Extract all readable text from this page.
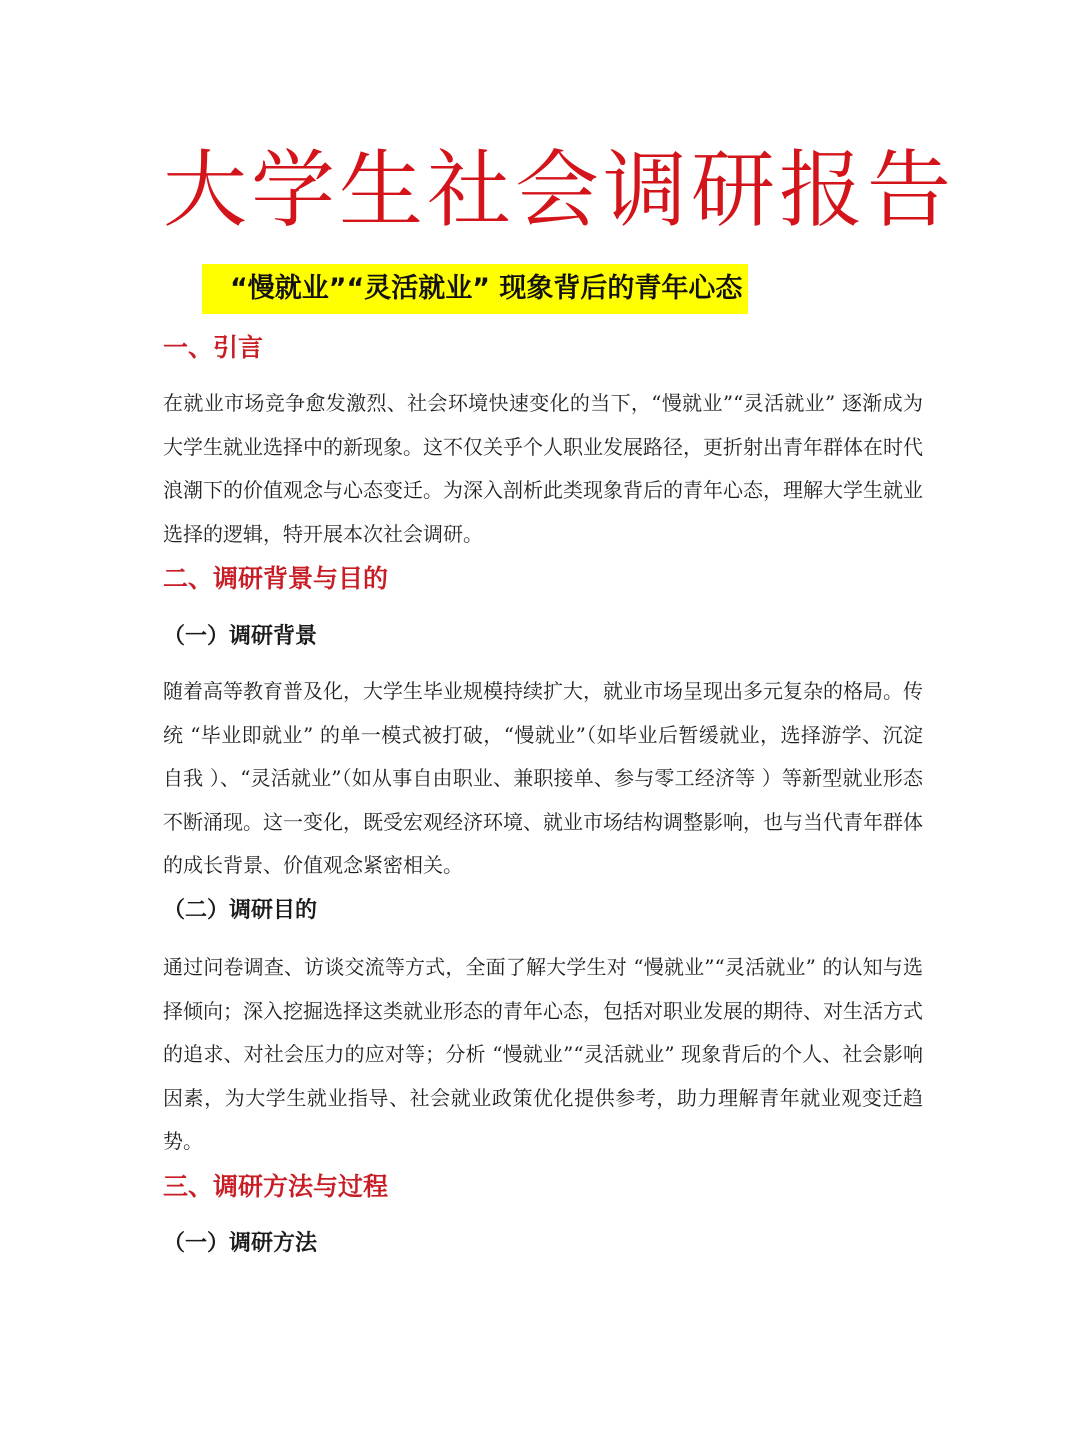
大学生社会调研报告
“慢就业”“灵活就业” 现象背后的青年心态
一、引言

在就业市场竞争愈发激烈、社会环境快速变化的当下，“慢就业”“灵活就业” 逐渐成为大学生就业选择中的新现象。这不仅关乎个人职业发展路径，更折射出青年群体在时代浪潮下的价值观念与心态变迁。为深入剖析此类现象背后的青年心态，理解大学生就业选择的逻辑，特开展本次社会调研。

二、调研背景与目的
（一）调研背景

随着高等教育普及化，大学生毕业规模持续扩大，就业市场呈现出多元复杂的格局。传统 “毕业即就业” 的单一模式被打破，“慢就业”（如毕业后暂缓就业，选择游学、沉淀自我 ）、“灵活就业”（如从事自由职业、兼职接单、参与零工经济等 ）等新型就业形态不断涌现。这一变化，既受宏观经济环境、就业市场结构调整影响，也与当代青年群体的成长背景、价值观念紧密相关。

（二）调研目的

通过问卷调查、访谈交流等方式，全面了解大学生对 “慢就业”“灵活就业” 的认知与选择倾向；深入挖掘选择这类就业形态的青年心态，包括对职业发展的期待、对生活方式的追求、对社会压力的应对等；分析 “慢就业”“灵活就业” 现象背后的个人、社会影响因素，为大学生就业指导、社会就业政策优化提供参考，助力理解青年就业观变迁趋势。

三、调研方法与过程
（一）调研方法
